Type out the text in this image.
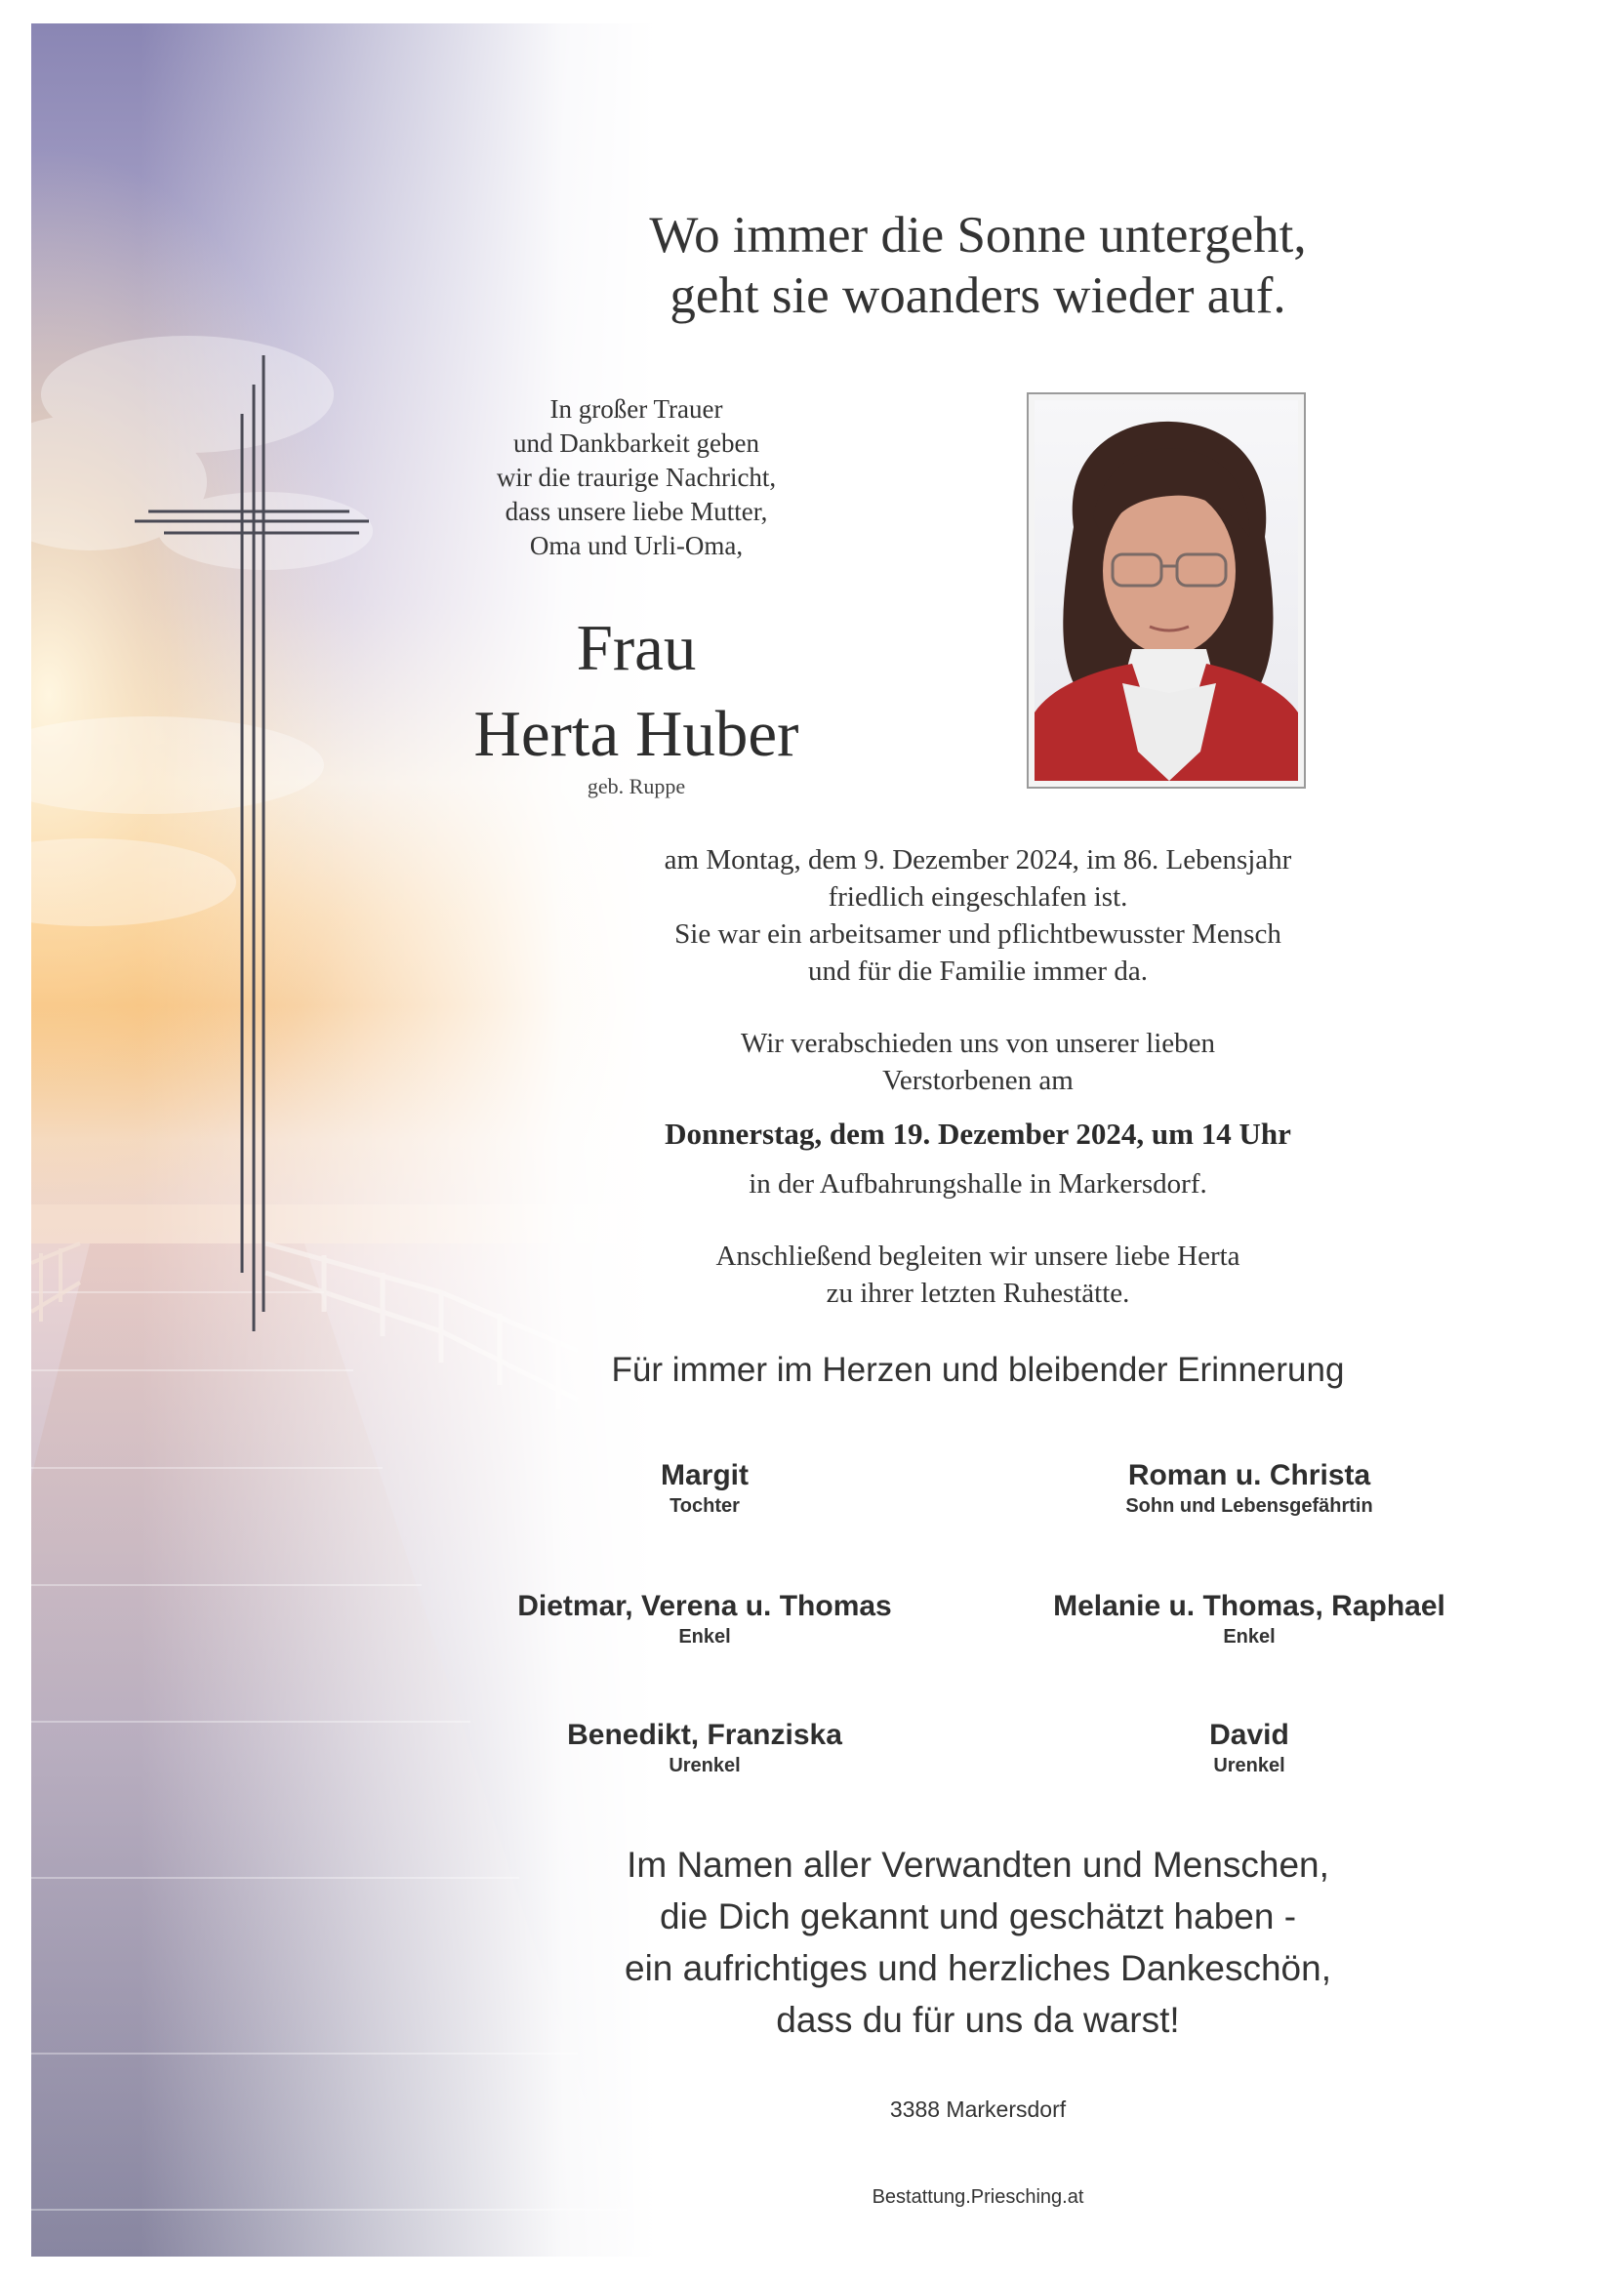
Wo immer die Sonne untergeht,
geht sie woanders wieder auf.
In großer Trauer
und Dankbarkeit geben
wir die traurige Nachricht,
dass unsere liebe Mutter,
Oma und Urli-Oma,
Frau
Herta Huber
geb. Ruppe
am Montag, dem 9. Dezember 2024, im 86. Lebensjahr
friedlich eingeschlafen ist.
Sie war ein arbeitsamer und pflichtbewusster Mensch
und für die Familie immer da.
Wir verabschieden uns von unserer lieben
Verstorbenen am
Donnerstag, dem 19. Dezember 2024, um 14 Uhr
in der Aufbahrungshalle in Markersdorf.
Anschließend begleiten wir unsere liebe Herta
zu ihrer letzten Ruhestätte.
Für immer im Herzen und bleibender Erinnerung
Margit
Tochter
Roman u. Christa
Sohn und Lebensgefährtin
Dietmar, Verena u. Thomas
Enkel
Melanie u. Thomas, Raphael
Enkel
Benedikt, Franziska
Urenkel
David
Urenkel
Im Namen aller Verwandten und Menschen,
die Dich gekannt und geschätzt haben -
ein aufrichtiges und herzliches Dankeschön,
dass du für uns da warst!
3388 Markersdorf
Bestattung.Priesching.at
